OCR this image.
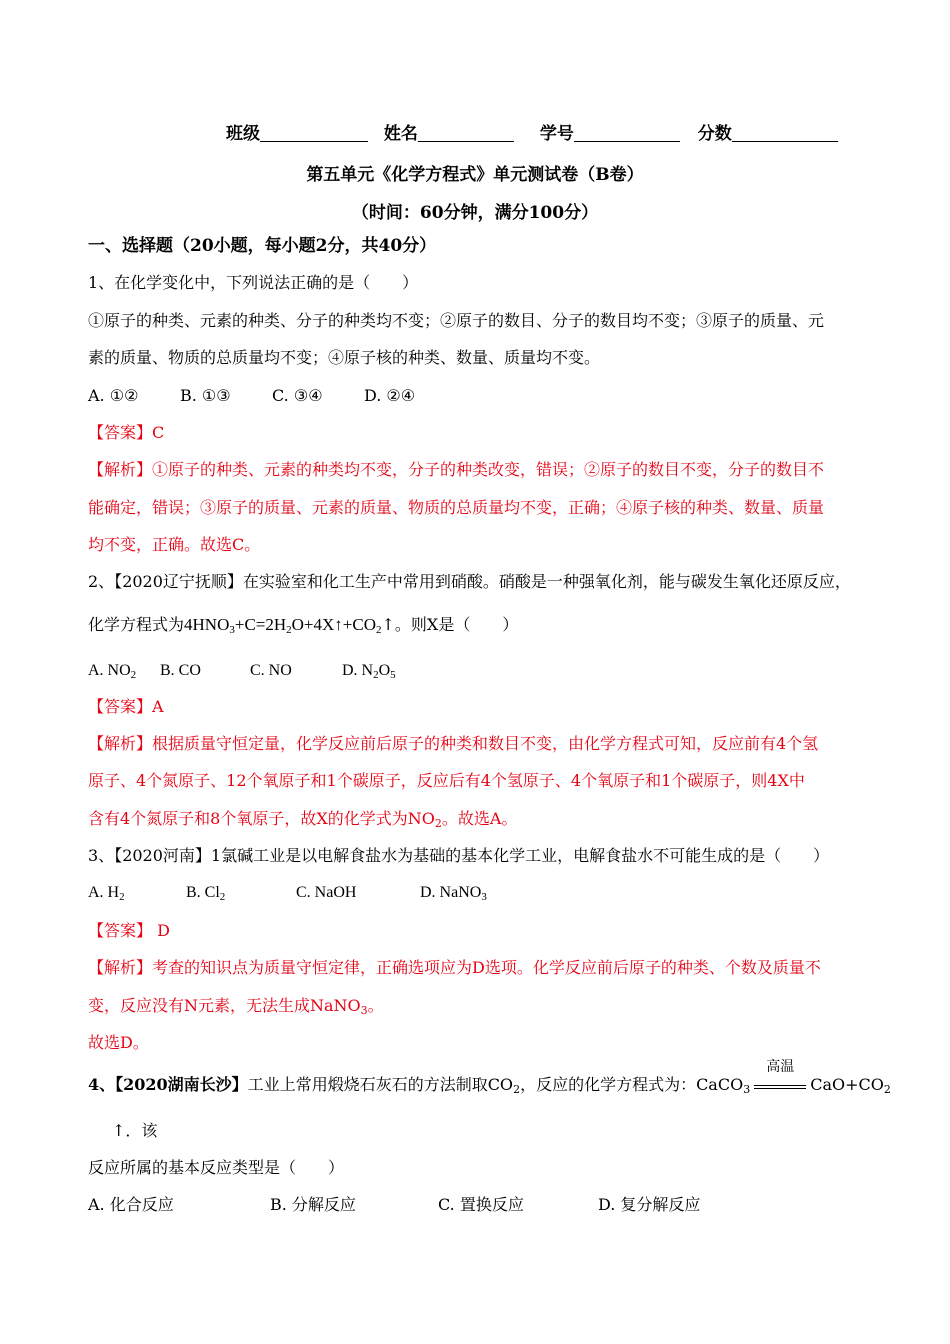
班级	姓名	学号	分数
第五单元《化学方程式》单元测试卷（B卷）
（时间：60分钟，满分100分）
一、选择题（20小题，每小题2分，共40分）
1、在化学变化中，下列说法正确的是（　　）
①原子的种类、元素的种类、分子的种类均不变；②原子的数目、分子的数目均不变；③原子的质量、元
素的质量、物质的总质量均不变；④原子核的种类、数量、质量均不变。
A. ①②	B. ①③	C. ③④	D. ②④
【答案】C
【解析】①原子的种类、元素的种类均不变，分子的种类改变，错误；②原子的数目不变，分子的数目不
能确定，错误；③原子的质量、元素的质量、物质的总质量均不变，正确；④原子核的种类、数量、质量
均不变，正确。故选C。
2、【2020辽宁抚顺】在实验室和化工生产中常用到硝酸。硝酸是一种强氧化剂，能与碳发生氧化还原反应，
化学方程式为$4HNO_3+C=2H_2O+4X↑+CO_2↑$。则X是（　　）
A. $NO_2$ B. CO	C. NO	D. $N_2O_5$
【答案】A
【解析】根据质量守恒定量，化学反应前后原子的种类和数目不变，由化学方程式可知，反应前有4个氢
原子、4个氮原子、12个氧原子和1个碳原子，反应后有4个氢原子、4个氧原子和1个碳原子，则4X中
含有4个氮原子和8个氧原子，故X的化学式为$NO_2$。故选A。
3、【2020河南】1氯碱工业是以电解食盐水为基础的基本化学工业，电解食盐水不可能生成的是（　　）
A. $H_2$	B. $Cl_2$	C. NaOH	D. NaNO$_3$
【答案】 D
【解析】考查的知识点为质量守恒定律，正确选项应为D选项。化学反应前后原子的种类、个数及质量不
变，反应没有N元素，无法生成NaNO$_3$。
故选D。
4、【2020湖南长沙】工业上常用煅烧石灰石的方法制取$CO_2$，反应的化学方程式为：CaCO$_3$
高温
$CaO+CO_2$
↑．该
反应所属的基本反应类型是（　　）
A. 化合反应	B. 分解反应	C. 置换反应	D. 复分解反应
